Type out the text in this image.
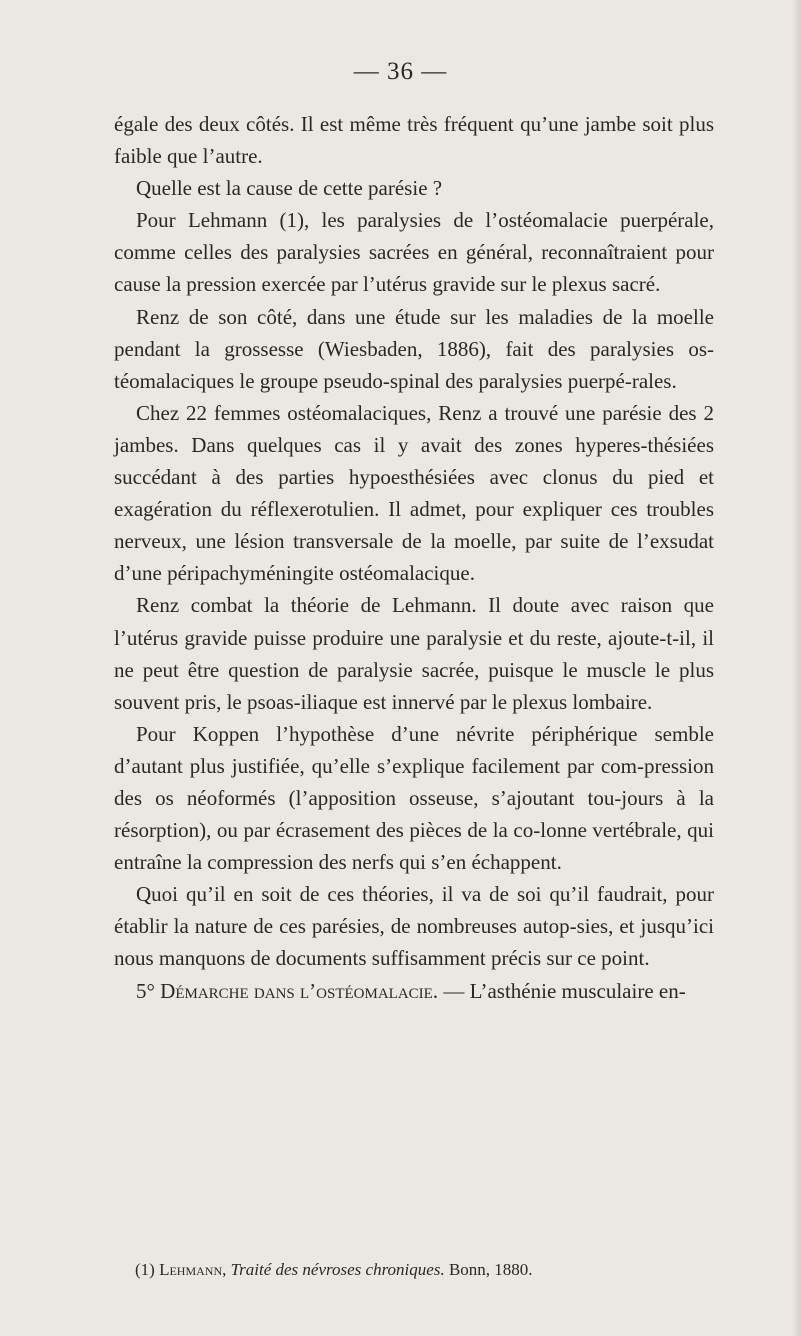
— 36 —

égale des deux côtés. Il est même très fréquent qu’une jambe soit plus faible que l’autre.

Quelle est la cause de cette parésie ?

Pour Lehmann (1), les paralysies de l’ostéomalacie puerpérale, comme celles des paralysies sacrées en général, reconnaîtraient pour cause la pression exercée par l’utérus gravide sur le plexus sacré.

Renz de son côté, dans une étude sur les maladies de la moelle pendant la grossesse (Wiesbaden, 1886), fait des paralysies os-téomalaciques le groupe pseudo-spinal des paralysies puerpé-rales.

Chez 22 femmes ostéomalaciques, Renz a trouvé une parésie des 2 jambes. Dans quelques cas il y avait des zones hyperes-thésiées succédant à des parties hypoesthésiées avec clonus du pied et exagération du réflexerotulien. Il admet, pour expliquer ces troubles nerveux, une lésion transversale de la moelle, par suite de l’exsudat d’une péripachyméningite ostéomalacique.

Renz combat la théorie de Lehmann. Il doute avec raison que l’utérus gravide puisse produire une paralysie et du reste, ajoute-t-il, il ne peut être question de paralysie sacrée, puisque le muscle le plus souvent pris, le psoas-iliaque est innervé par le plexus lombaire.

Pour Koppen l’hypothèse d’une névrite périphérique semble d’autant plus justifiée, qu’elle s’explique facilement par com-pression des os néoformés (l’apposition osseuse, s’ajoutant tou-jours à la résorption), ou par écrasement des pièces de la co-lonne vertébrale, qui entraîne la compression des nerfs qui s’en échappent.

Quoi qu’il en soit de ces théories, il va de soi qu’il faudrait, pour établir la nature de ces parésies, de nombreuses autop-sies, et jusqu’ici nous manquons de documents suffisamment précis sur ce point.

5° Démarche dans l’ostéomalacie. — L’asthénie musculaire en-

(1) Lehmann, Traité des névroses chroniques. Bonn, 1880.
